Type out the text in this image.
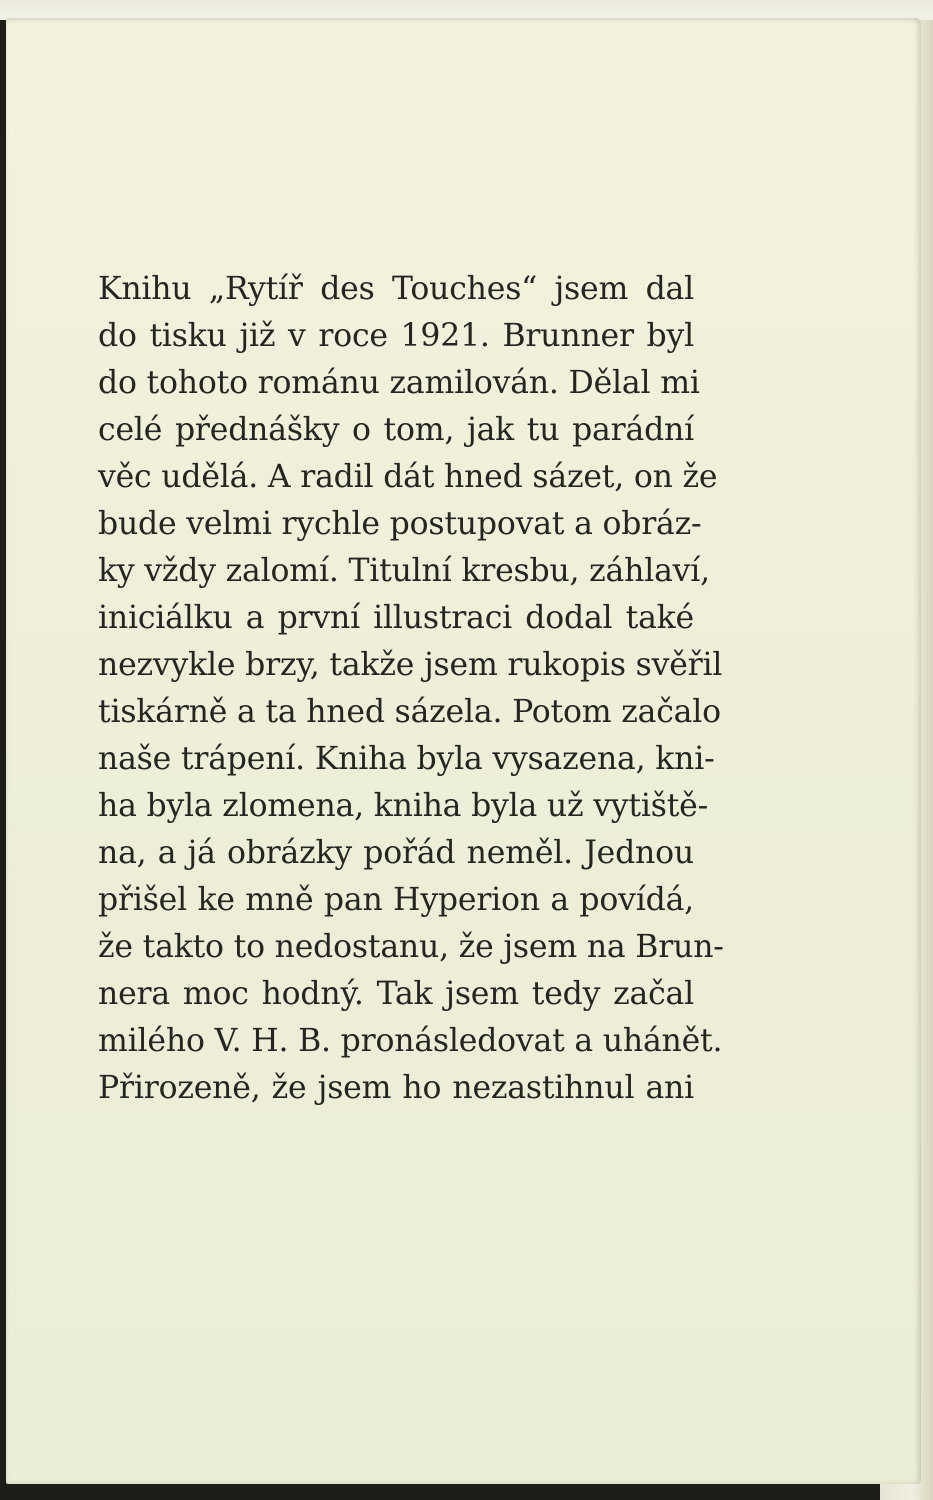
Knihu „Rytíř des Touches“ jsem dal
do tisku již v roce 1921. Brunner byl
do tohoto románu zamilován. Dělal mi
celé přednášky o tom, jak tu parádní
věc udělá. A radil dát hned sázet, on že
bude velmi rychle postupovat a obráz-
ky vždy zalomí. Titulní kresbu, záhlaví,
iniciálku a první illustraci dodal také
nezvykle brzy, takže jsem rukopis svěřil
tiskárně a ta hned sázela. Potom začalo
naše trápení. Kniha byla vysazena, kni-
ha byla zlomena, kniha byla už vytiště-
na, a já obrázky pořád neměl. Jednou
přišel ke mně pan Hyperion a povídá,
že takto to nedostanu, že jsem na Brun-
nera moc hodný. Tak jsem tedy začal
milého V. H. B. pronásledovat a uhánět.
Přirozeně, že jsem ho nezastihnul ani
